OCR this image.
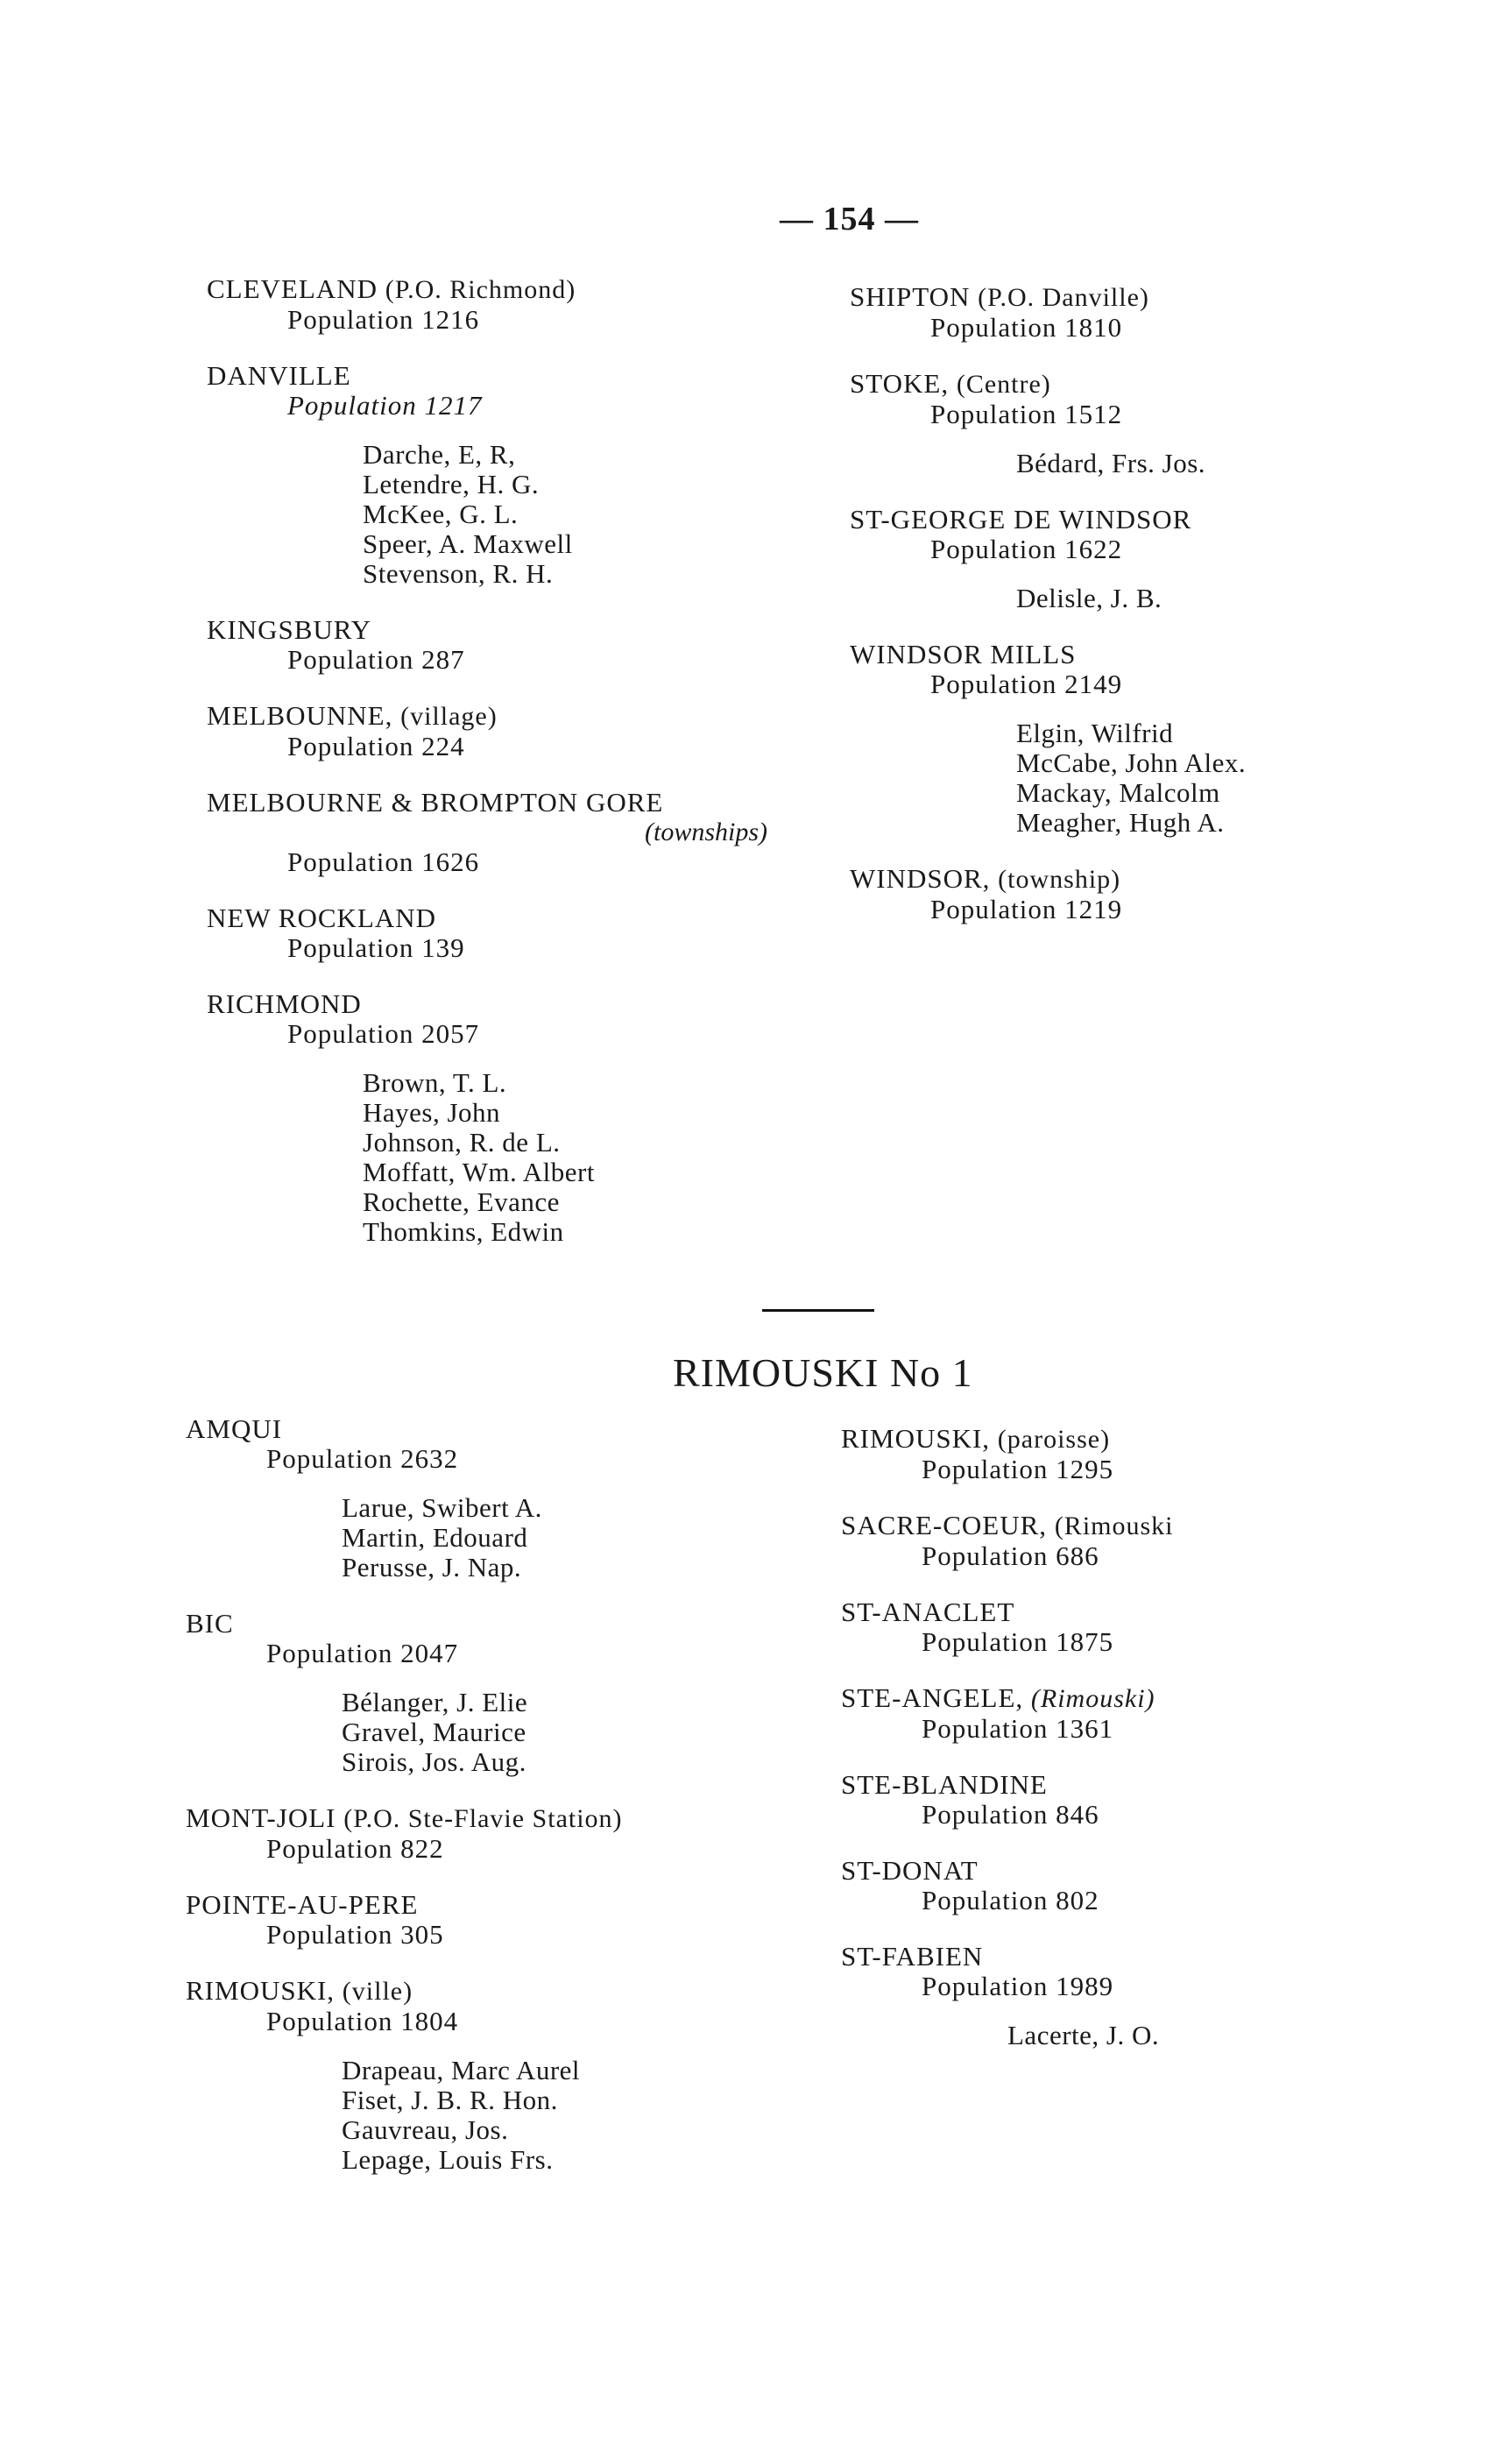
— 154 —
CLEVELAND (P.O. Richmond)
Population 1216
DANVILLE
Population 1217
Darche, E, R,
Letendre, H. G.
McKee, G. L.
Speer, A. Maxwell
Stevenson, R. H.
KINGSBURY
Population 287
MELBOUNNE, (village)
Population 224
MELBOURNE & BROMPTON GORE
(townships)
Population 1626
NEW ROCKLAND
Population 139
RICHMOND
Population 2057
Brown, T. L.
Hayes, John
Johnson, R. de L.
Moffatt, Wm. Albert
Rochette, Evance
Thomkins, Edwin
SHIPTON (P.O. Danville)
Population 1810
STOKE, (Centre)
Population 1512
Bédard, Frs. Jos.
ST-GEORGE DE WINDSOR
Population 1622
Delisle, J. B.
WINDSOR MILLS
Population 2149
Elgin, Wilfrid
McCabe, John Alex.
Mackay, Malcolm
Meagher, Hugh A.
WINDSOR, (township)
Population 1219
RIMOUSKI No 1
AMQUI
Population 2632
Larue, Swibert A.
Martin, Edouard
Perusse, J. Nap.
BIC
Population 2047
Bélanger, J. Elie
Gravel, Maurice
Sirois, Jos. Aug.
MONT-JOLI (P.O. Ste-Flavie Station)
Population 822
POINTE-AU-PERE
Population 305
RIMOUSKI, (ville)
Population 1804
Drapeau, Marc Aurel
Fiset, J. B. R. Hon.
Gauvreau, Jos.
Lepage, Louis Frs.
RIMOUSKI, (paroisse)
Population 1295
SACRE-COEUR, (Rimouski
Population 686
ST-ANACLET
Population 1875
STE-ANGELE, (Rimouski)
Population 1361
STE-BLANDINE
Population 846
ST-DONAT
Population 802
ST-FABIEN
Population 1989
Lacerte, J. O.
